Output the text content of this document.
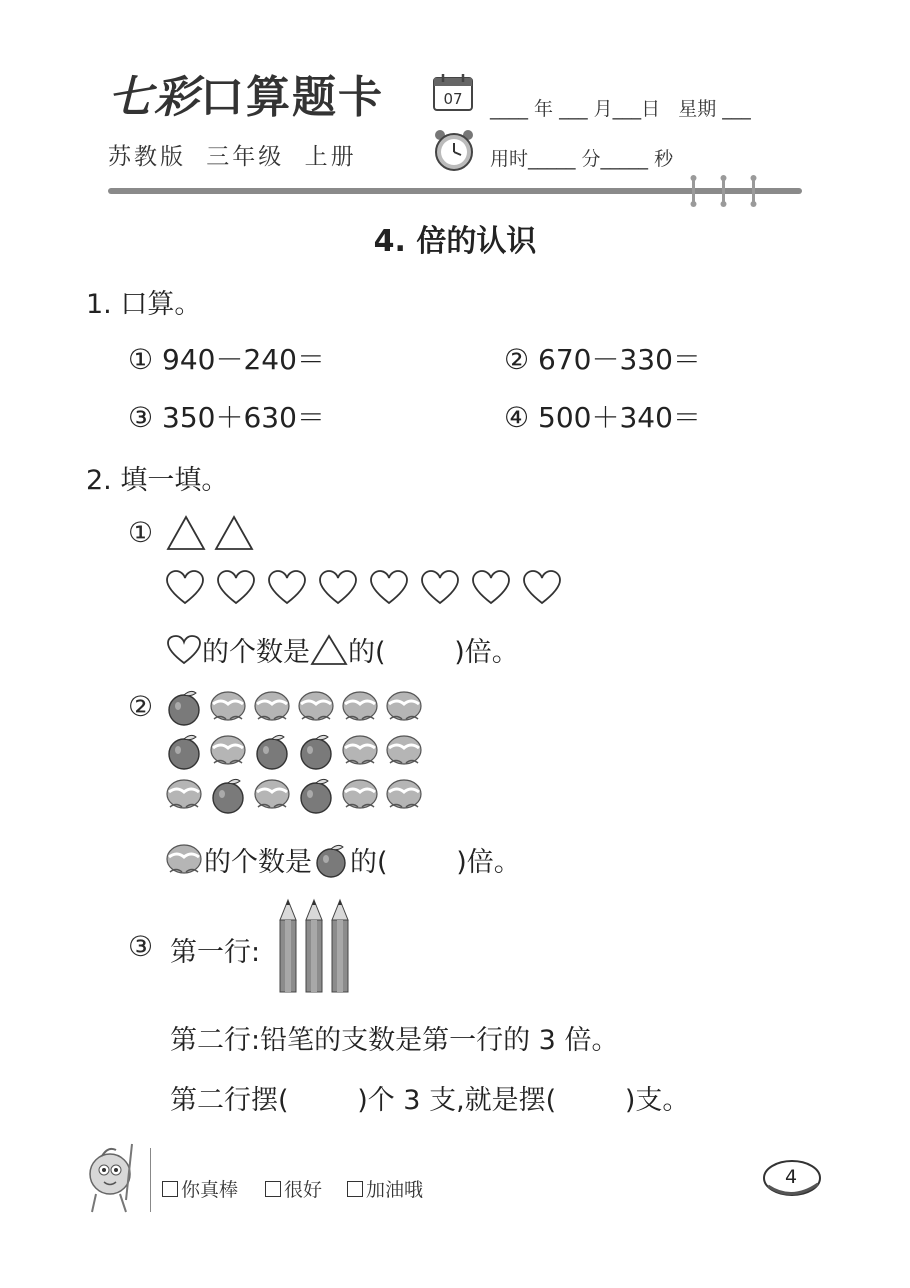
七彩口算题卡
苏教版 三年级 上册
07 ____ 年 ___ 月___日   星期 ___
用时_____ 分_____ 秒
4. 倍的认识
1. 口算。
① 940－240＝	② 670－330＝
③ 350＋630＝	④ 500＋340＝
2. 填一填。
①
的个数是 的(        )倍。
②
的个数是 的(        )倍。
③ 第一行:
第二行:铅笔的支数是第一行的 3 倍。
第二行摆(        )个 3 支,就是摆(        )支。
你真棒	很好	加油哦
4
